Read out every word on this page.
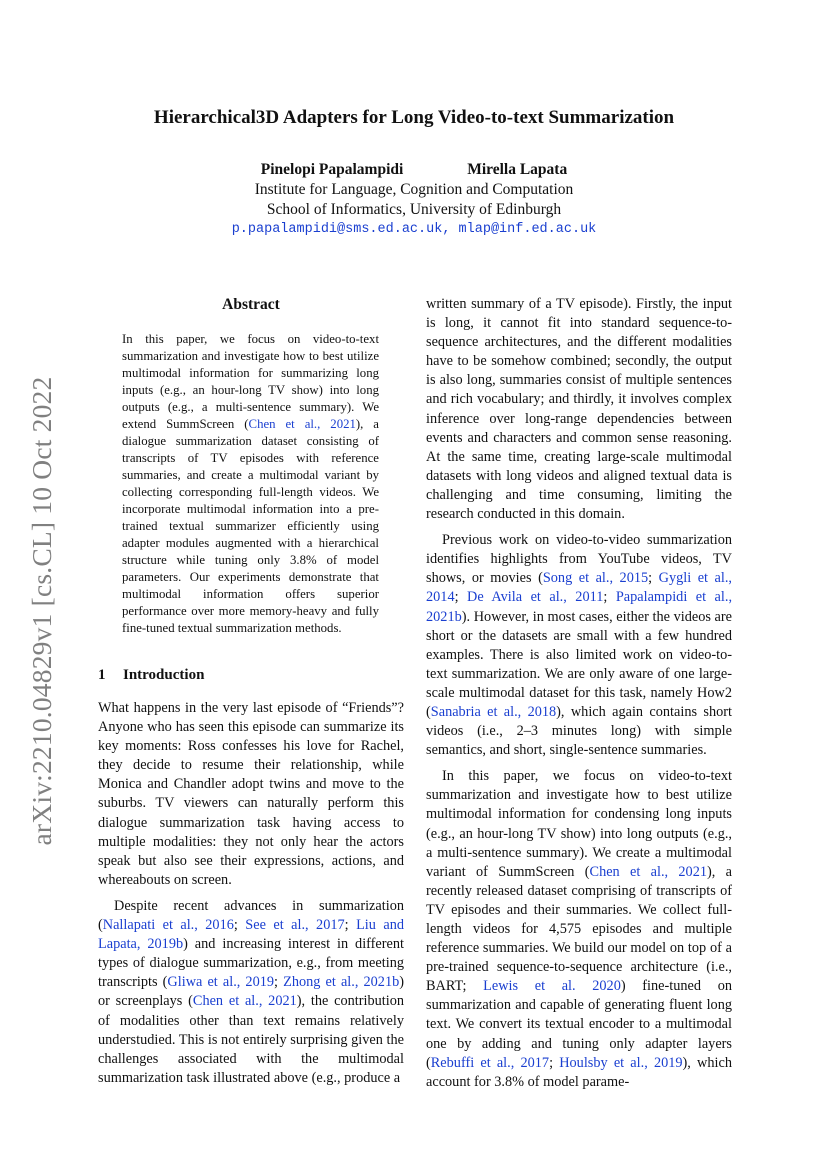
arXiv:2210.04829v1 [cs.CL] 10 Oct 2022
Hierarchical3D Adapters for Long Video-to-text Summarization
Pinelopi Papalampidi	Mirella Lapata
Institute for Language, Cognition and Computation
School of Informatics, University of Edinburgh
p.papalampidi@sms.ed.ac.uk, mlap@inf.ed.ac.uk
Abstract
In this paper, we focus on video-to-text summarization and investigate how to best utilize multimodal information for summarizing long inputs (e.g., an hour-long TV show) into long outputs (e.g., a multi-sentence summary). We extend SummScreen (Chen et al., 2021), a dialogue summarization dataset consisting of transcripts of TV episodes with reference summaries, and create a multimodal variant by collecting corresponding full-length videos. We incorporate multimodal information into a pre-trained textual summarizer efficiently using adapter modules augmented with a hierarchical structure while tuning only 3.8% of model parameters. Our experiments demonstrate that multimodal information offers superior performance over more memory-heavy and fully fine-tuned textual summarization methods.
1 Introduction

What happens in the very last episode of “Friends”? Anyone who has seen this episode can summarize its key moments: Ross confesses his love for Rachel, they decide to resume their relationship, while Monica and Chandler adopt twins and move to the suburbs. TV viewers can naturally perform this dialogue summarization task having access to multiple modalities: they not only hear the actors speak but also see their expressions, actions, and whereabouts on screen.

Despite recent advances in summarization (Nallapati et al., 2016; See et al., 2017; Liu and Lapata, 2019b) and increasing interest in different types of dialogue summarization, e.g., from meeting transcripts (Gliwa et al., 2019; Zhong et al., 2021b) or screenplays (Chen et al., 2021), the contribution of modalities other than text remains relatively understudied. This is not entirely surprising given the challenges associated with the multimodal summarization task illustrated above (e.g., produce a

written summary of a TV episode). Firstly, the input is long, it cannot fit into standard sequence-to-sequence architectures, and the different modalities have to be somehow combined; secondly, the output is also long, summaries consist of multiple sentences and rich vocabulary; and thirdly, it involves complex inference over long-range dependencies between events and characters and common sense reasoning. At the same time, creating large-scale multimodal datasets with long videos and aligned textual data is challenging and time consuming, limiting the research conducted in this domain.

Previous work on video-to-video summarization identifies highlights from YouTube videos, TV shows, or movies (Song et al., 2015; Gygli et al., 2014; De Avila et al., 2011; Papalampidi et al., 2021b). However, in most cases, either the videos are short or the datasets are small with a few hundred examples. There is also limited work on video-to-text summarization. We are only aware of one large-scale multimodal dataset for this task, namely How2 (Sanabria et al., 2018), which again contains short videos (i.e., 2–3 minutes long) with simple semantics, and short, single-sentence summaries.

In this paper, we focus on video-to-text summarization and investigate how to best utilize multimodal information for condensing long inputs (e.g., an hour-long TV show) into long outputs (e.g., a multi-sentence summary). We create a multimodal variant of SummScreen (Chen et al., 2021), a recently released dataset comprising of transcripts of TV episodes and their summaries. We collect full-length videos for 4,575 episodes and multiple reference summaries. We build our model on top of a pre-trained sequence-to-sequence architecture (i.e., BART; Lewis et al. 2020) fine-tuned on summarization and capable of generating fluent long text. We convert its textual encoder to a multimodal one by adding and tuning only adapter layers (Rebuffi et al., 2017; Houlsby et al., 2019), which account for 3.8% of model parame-
